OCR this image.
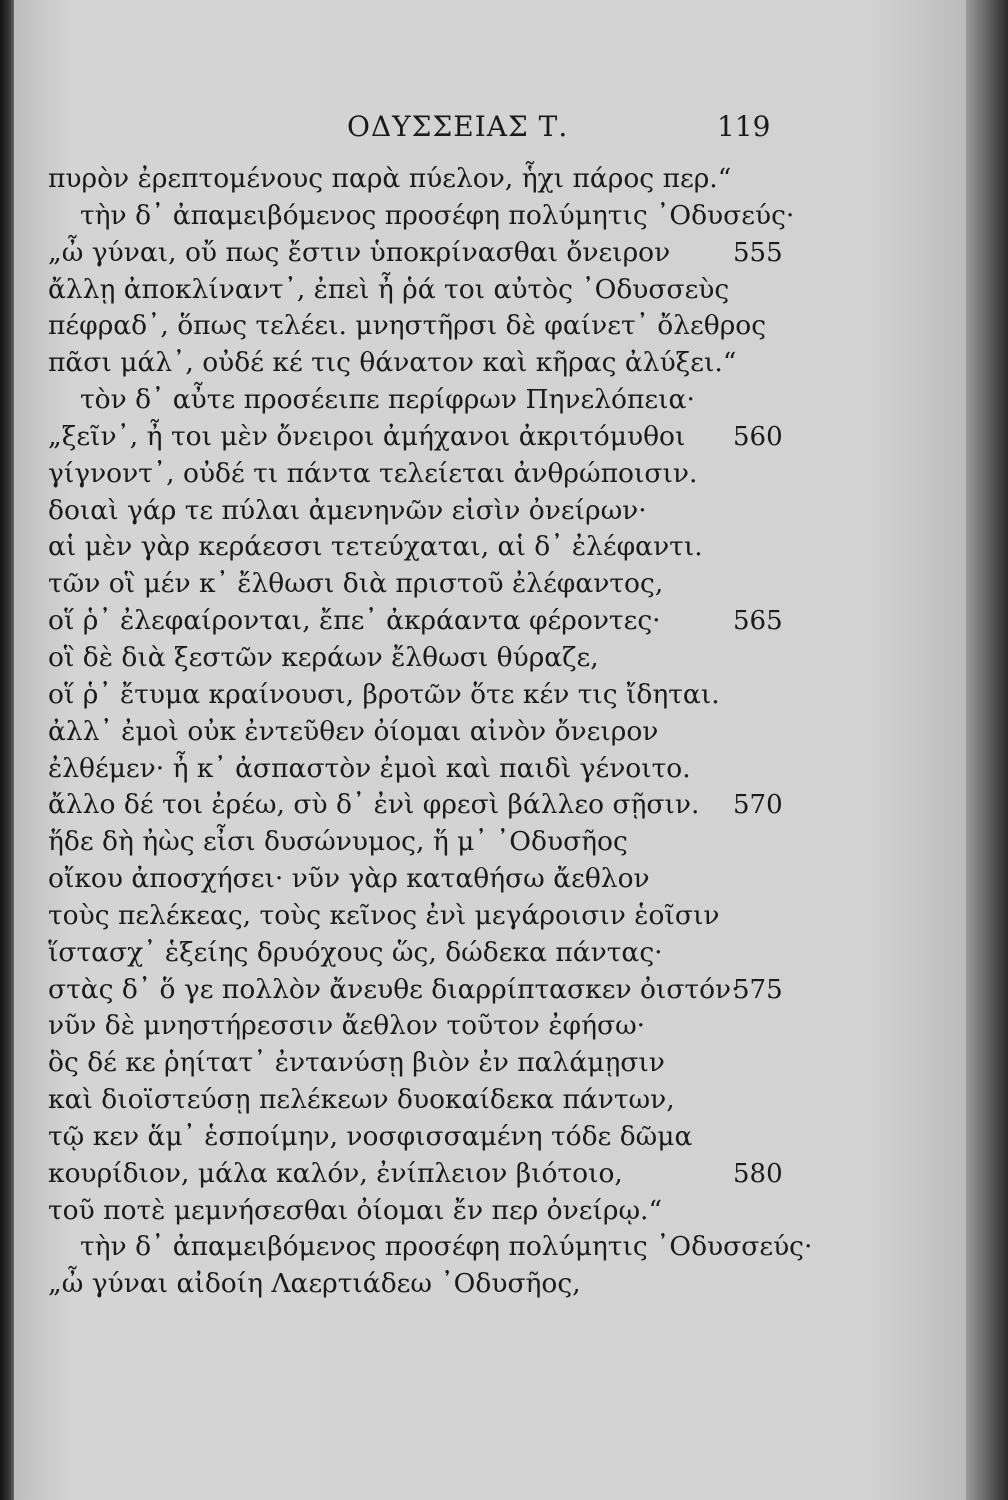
ΟΔΥΣΣΕΙΑΣ Τ.	119
πυρὸν ἐρεπτομένους παρὰ πύελον, ἧχι πάρος περ.“
τὴν δ᾽ ἀπαμειβόμενος προσέφη πολύμητις ᾽Οδυσεύς·
„ὦ γύναι, οὔ πως ἔστιν ὑποκρίνασθαι ὄνειρον 555
ἄλλῃ ἀποκλίναντ᾽, ἐπεὶ ἦ ῥά τοι αὐτὸς ᾽Οδυσσεὺς
πέφραδ᾽, ὅπως τελέει. μνηστῆρσι δὲ φαίνετ᾽ ὄλεθρος
πᾶσι μάλ᾽, οὐδέ κέ τις θάνατον καὶ κῆρας ἀλύξει.“
τὸν δ᾽ αὖτε προσέειπε περίφρων Πηνελόπεια·
„ξεῖν᾽, ἦ τοι μὲν ὄνειροι ἀμήχανοι ἀκριτόμυθοι 560
γίγνοντ᾽, οὐδέ τι πάντα τελείεται ἀνθρώποισιν.
δοιαὶ γάρ τε πύλαι ἀμενηνῶν εἰσὶν ὀνείρων·
αἱ μὲν γὰρ κεράεσσι τετεύχαται, αἱ δ᾽ ἐλέφαντι.
τῶν οἳ μέν κ᾽ ἔλθωσι διὰ πριστοῦ ἐλέφαντος,
οἵ ῥ᾽ ἐλεφαίρονται, ἔπε᾽ ἀκράαντα φέροντες·	565
οἳ δὲ διὰ ξεστῶν κεράων ἔλθωσι θύραζε,
οἵ ῥ᾽ ἔτυμα κραίνουσι, βροτῶν ὅτε κέν τις ἴδηται.
ἀλλ᾽ ἐμοὶ οὐκ ἐντεῦθεν ὀίομαι αἰνὸν ὄνειρον
ἐλθέμεν· ἦ κ᾽ ἀσπαστὸν ἐμοὶ καὶ παιδὶ γένοιτο.
ἄλλο δέ τοι ἐρέω, σὺ δ᾽ ἐνὶ φρεσὶ βάλλεο σῇσιν. 570
ἥδε δὴ ἠὼς εἶσι δυσώνυμος, ἥ μ᾽ ᾽Οδυσῆος
οἴκου ἀποσχήσει· νῦν γὰρ καταθήσω ἄεθλον
τοὺς πελέκεας, τοὺς κεῖνος ἐνὶ μεγάροισιν ἑοῖσιν
ἵστασχ᾽ ἑξείης δρυόχους ὥς, δώδεκα πάντας·
στὰς δ᾽ ὅ γε πολλὸν ἄνευθε διαρρίπτασκεν ὀιστόν·
575
νῦν δὲ μνηστήρεσσιν ἄεθλον τοῦτον ἐφήσω·
ὃς δέ κε ῥηίτατ᾽ ἐντανύσῃ βιὸν ἐν παλάμῃσιν
καὶ διοϊστεύσῃ πελέκεων δυοκαίδεκα πάντων,
τῷ κεν ἅμ᾽ ἑσποίμην, νοσφισσαμένη τόδε δῶμα
κουρίδιον, μάλα καλόν, ἐνίπλειον βιότοιο,	580
τοῦ ποτὲ μεμνήσεσθαι ὀίομαι ἔν περ ὀνείρῳ.“
τὴν δ᾽ ἀπαμειβόμενος προσέφη πολύμητις ᾽Οδυσσεύς·
„ὦ γύναι αἰδοίη Λαερτιάδεω ᾽Οδυσῆος,
